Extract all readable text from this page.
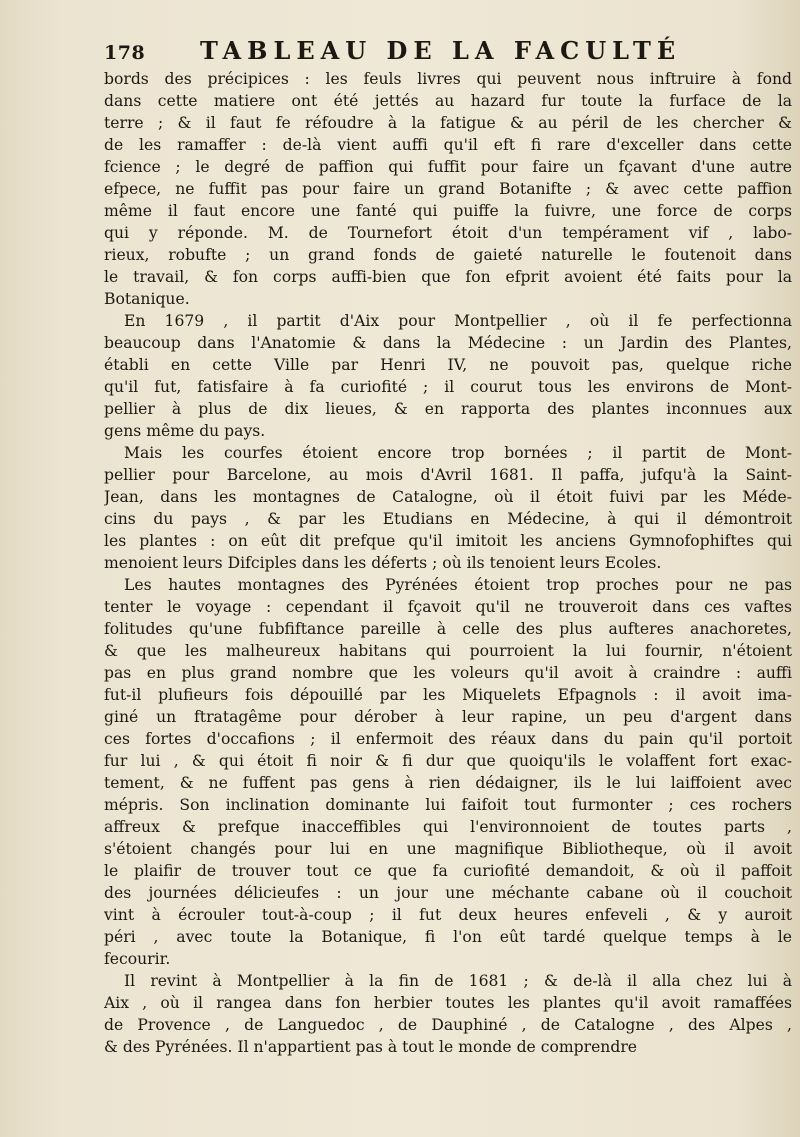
178 TABLEAU DE LA FACULTÉ
bords des précipices : les feuls livres qui peuvent nous inftruire à fond
dans cette matiere ont été jettés au hazard fur toute la furface de la
terre ; & il faut fe réfoudre à la fatigue & au péril de les chercher &
de les ramaffer : de-là vient auffi qu'il eft fi rare d'exceller dans cette
fcience ; le degré de paffion qui fuffit pour faire un fçavant d'une autre
efpece, ne fuffit pas pour faire un grand Botanifte ; & avec cette paffion
même il faut encore une fanté qui puiffe la fuivre, une force de corps
qui y réponde. M. de Tournefort étoit d'un tempérament vif , labo-
rieux, robufte ; un grand fonds de gaieté naturelle le foutenoit dans
le travail, & fon corps auffi-bien que fon efprit avoient été faits pour la
Botanique.
En 1679 , il partit d'Aix pour Montpellier , où il fe perfectionna
beaucoup dans l'Anatomie & dans la Médecine : un Jardin des Plantes,
établi en cette Ville par Henri IV, ne pouvoit pas, quelque riche
qu'il fut, fatisfaire à fa curiofité ; il courut tous les environs de Mont-
pellier à plus de dix lieues, & en rapporta des plantes inconnues aux
gens même du pays.
Mais les courfes étoient encore trop bornées ; il partit de Mont-
pellier pour Barcelone, au mois d'Avril 1681. Il paffa, jufqu'à la Saint-
Jean, dans les montagnes de Catalogne, où il étoit fuivi par les Méde-
cins du pays , & par les Etudians en Médecine, à qui il démontroit
les plantes : on eût dit prefque qu'il imitoit les anciens Gymnofophiftes qui
menoient leurs Difciples dans les déferts ; où ils tenoient leurs Ecoles.
Les hautes montagnes des Pyrénées étoient trop proches pour ne pas
tenter le voyage : cependant il fçavoit qu'il ne trouveroit dans ces vaftes
folitudes qu'une fubfiftance pareille à celle des plus aufteres anachoretes,
& que les malheureux habitans qui pourroient la lui fournir, n'étoient
pas en plus grand nombre que les voleurs qu'il avoit à craindre : auffi
fut-il plufieurs fois dépouillé par les Miquelets Efpagnols : il avoit ima-
giné un ftratagême pour dérober à leur rapine, un peu d'argent dans
ces fortes d'occafions ; il enfermoit des réaux dans du pain qu'il portoit
fur lui , & qui étoit fi noir & fi dur que quoiqu'ils le volaffent fort exac-
tement, & ne fuffent pas gens à rien dédaigner, ils le lui laiffoient avec
mépris. Son inclination dominante lui faifoit tout furmonter ; ces rochers
affreux & prefque inacceffibles qui l'environnoient de toutes parts ,
s'étoient changés pour lui en une magnifique Bibliotheque, où il avoit
le plaifir de trouver tout ce que fa curiofité demandoit, & où il paffoit
des journées délicieufes : un jour une méchante cabane où il couchoit
vint à écrouler tout-à-coup ; il fut deux heures enfeveli , & y auroit
péri , avec toute la Botanique, fi l'on eût tardé quelque temps à le
fecourir.
Il revint à Montpellier à la fin de 1681 ; & de-là il alla chez lui à
Aix , où il rangea dans fon herbier toutes les plantes qu'il avoit ramaffées
de Provence , de Languedoc , de Dauphiné , de Catalogne , des Alpes ,
& des Pyrénées. Il n'appartient pas à tout le monde de comprendre
